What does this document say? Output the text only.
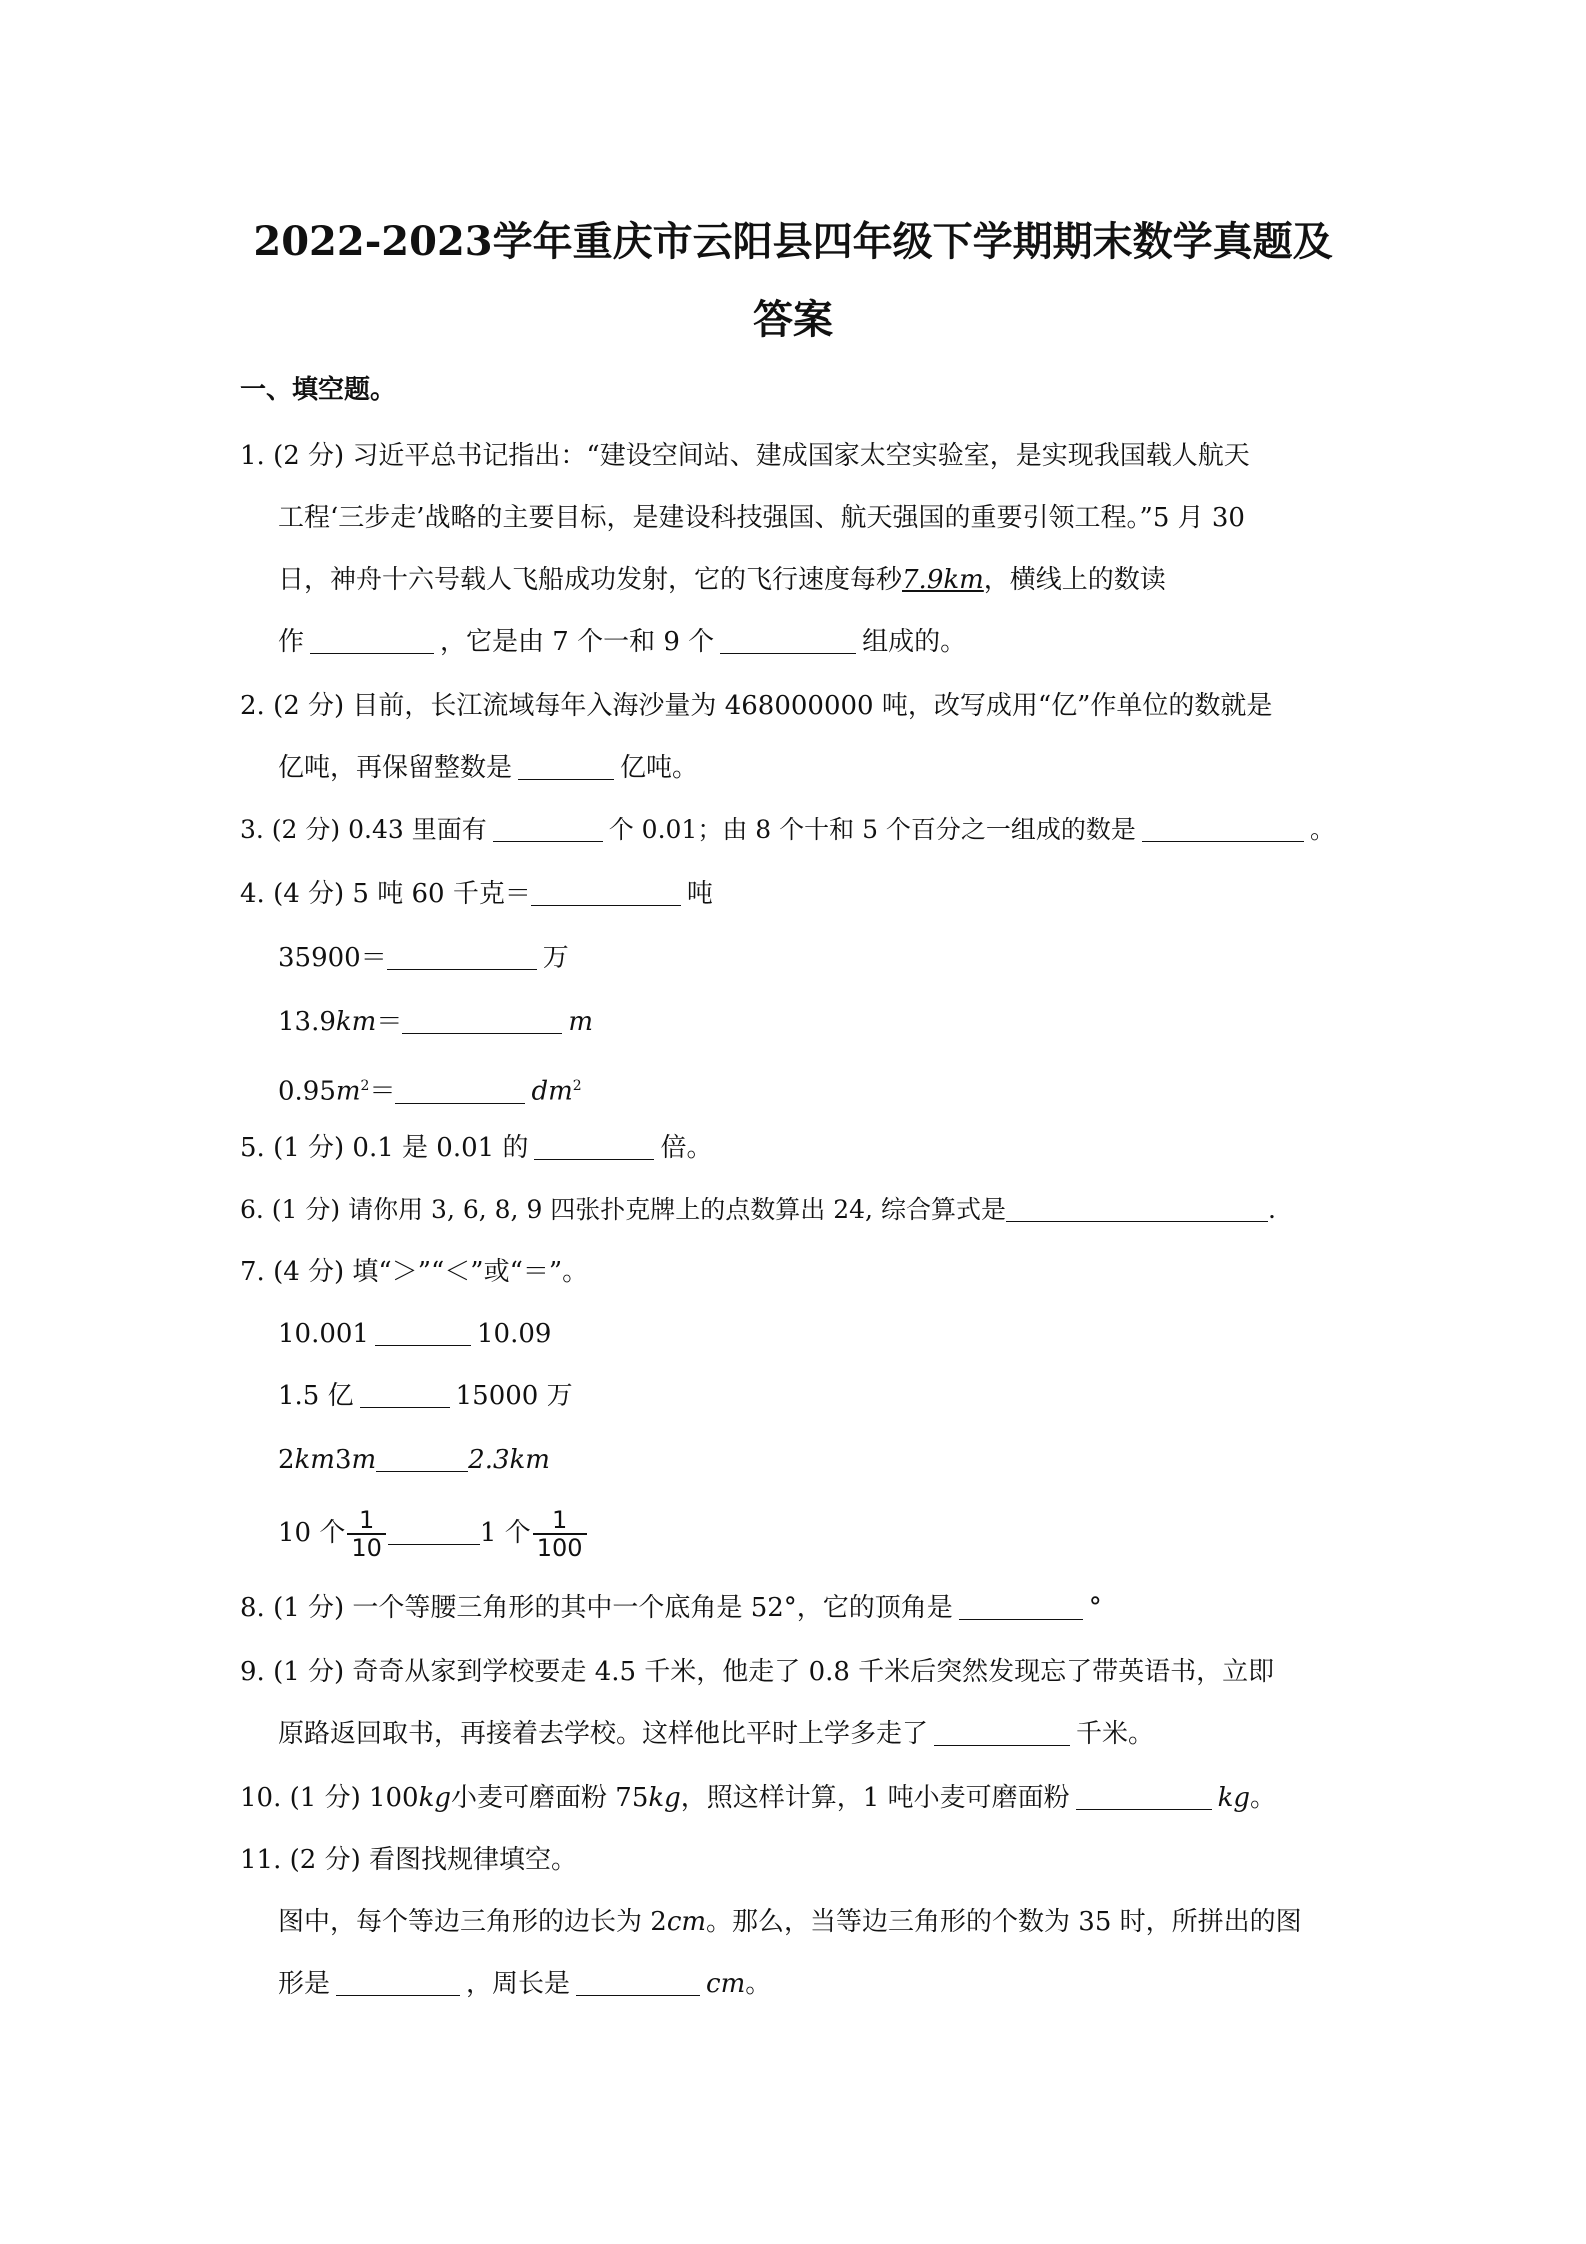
2022-2023学年重庆市云阳县四年级下学期期末数学真题及
答案
一、填空题。
1. (2 分) 习近平总书记指出：“建设空间站、建成国家太空实验室，是实现我国载人航天
工程‘三步走’战略的主要目标，是建设科技强国、航天强国的重要引领工程。”5 月 30
日，神舟十六号载人飞船成功发射，它的飞行速度每秒7.9km，横线上的数读
作	，它是由 7 个一和 9 个	组成的。
2. (2 分) 目前，长江流域每年入海沙量为 468000000 吨，改写成用“亿”作单位的数就是
亿吨，再保留整数是	亿吨。
3. (2 分) 0.43 里面有	个 0.01；由 8 个十和 5 个百分之一组成的数是	。
4. (4 分) 5 吨 60 千克＝	吨
35900＝	万
13.9km＝	m
$0.95m^2=$	$dm^2$
5. (1 分) 0.1 是 0.01 的	倍。
6. (1 分) 请你用 3, 6, 8, 9 四张扑克牌上的点数算出 24, 综合算式是	.
7. (4 分) 填“＞”“＜”或“＝”。
10.001	10.09
1.5 亿	15000 万
2km3m	2.3km
10 个 $\frac{1}{10}$	1 个 $\frac{1}{100}$
8. (1 分) 一个等腰三角形的其中一个底角是 52°，它的顶角是	°
9. (1 分) 奇奇从家到学校要走 4.5 千米，他走了 0.8 千米后突然发现忘了带英语书，立即
原路返回取书，再接着去学校。这样他比平时上学多走了	千米。
10. (1 分) 100kg小麦可磨面粉 75kg，照这样计算，1 吨小麦可磨面粉	kg。
11. (2 分) 看图找规律填空。
图中，每个等边三角形的边长为 2cm。那么，当等边三角形的个数为 35 时，所拼出的图
形是	，周长是	cm。
